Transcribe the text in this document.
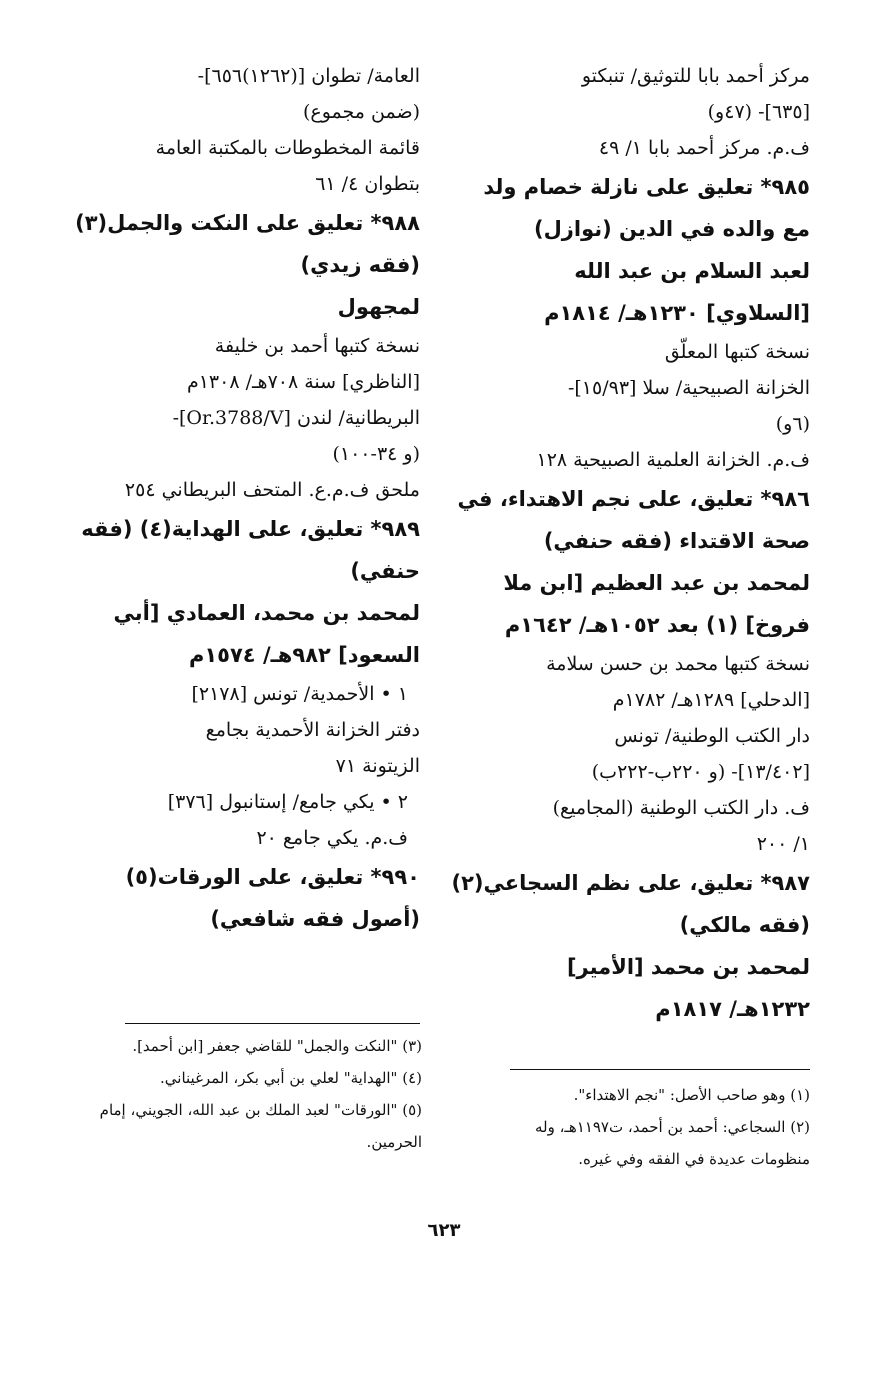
مركز أحمد بابا للتوثيق/ تنبكتو
[٦٣٥]- (٤٧و)
ف.م. مركز أحمد بابا ١/ ٤٩
٩٨٥* تعليق على نازلة خصام ولد
مع والده في الدين (نوازل)
لعبد السلام بن عبد الله
[السلاوي] ١٢٣٠هـ/ ١٨١٤م
نسخة كتبها المعلّق
الخزانة الصبيحية/ سلا [١٥/٩٣]-
(٦و)
ف.م. الخزانة العلمية الصبيحية ١٢٨
٩٨٦* تعليق، على نجم الاهتداء، في
صحة الاقتداء (فقه حنفي)
لمحمد بن عبد العظيم [ابن ملا
فروخ] (١) بعد ١٠٥٢هـ/ ١٦٤٢م
نسخة كتبها محمد بن حسن سلامة
[الدحلي] ١٢٨٩هـ/ ١٧٨٢م
دار الكتب الوطنية/ تونس
[١٣/٤٠٢]- (و ٢٢٠ب-٢٢٢ب)
ف. دار الكتب الوطنية (المجاميع)
١/ ٢٠٠
٩٨٧* تعليق، على نظم السجاعي(٢)
(فقه مالكي)
لمحمد بن محمد [الأمير]
١٢٣٢هـ/ ١٨١٧م
العامة/ تطوان [(١٢٦٢)٦٥٦]-
(ضمن مجموع)
قائمة المخطوطات بالمكتبة العامة
بتطوان ٤/ ٦١
٩٨٨* تعليق على النكت والجمل(٣)
(فقه زيدي)
لمجهول
نسخة كتبها أحمد بن خليفة
[الناظري] سنة ٧٠٨هـ/ ١٣٠٨م
البريطانية/ لندن [Or.3788/V]-
(و ٣٤-١٠٠)
ملحق ف.م.ع. المتحف البريطاني ٢٥٤
٩٨٩* تعليق، على الهداية(٤) (فقه
حنفي)
لمحمد بن محمد، العمادي [أبي
السعود] ٩٨٢هـ/ ١٥٧٤م
١ • الأحمدية/ تونس [٢١٧٨]
دفتر الخزانة الأحمدية بجامع
الزيتونة ٧١
٢ • يكي جامع/ إستانبول [٣٧٦]
ف.م. يكي جامع ٢٠
٩٩٠* تعليق، على الورقات(٥)
(أصول فقه شافعي)
(٣) "النكت والجمل" للقاضي جعفر [ابن أحمد].
(٤) "الهداية" لعلي بن أبي بكر، المرغيناني.
(٥) "الورقات" لعبد الملك بن عبد الله، الجويني، إمام
الحرمين.
(١) وهو صاحب الأصل: "نجم الاهتداء".
(٢) السجاعي: أحمد بن أحمد، ت١١٩٧هـ، وله
منظومات عديدة في الفقه وفي غيره.
٦٢٣
